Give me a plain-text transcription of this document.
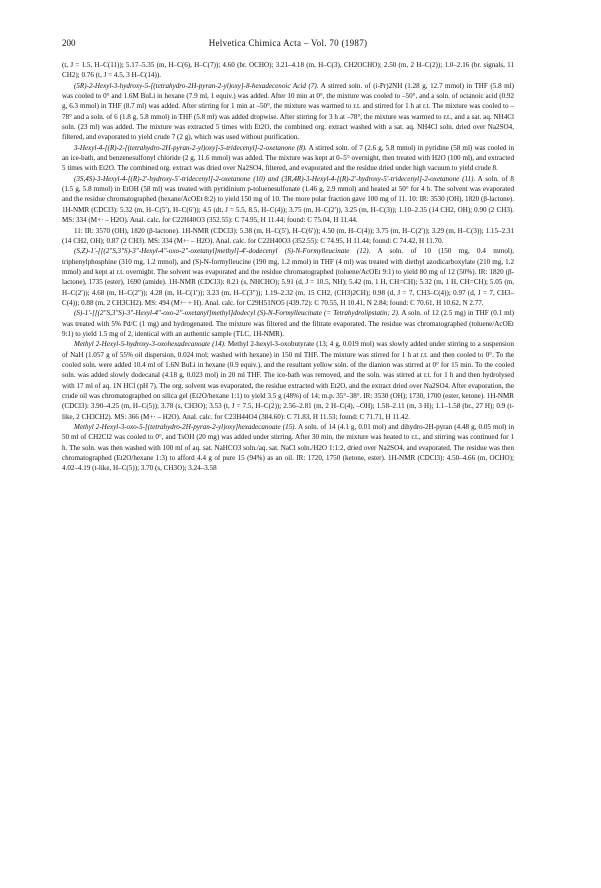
200	Helvetica Chimica Acta – Vol. 70 (1987)

(t, J = 1.5, H–C(11)); 5.17–5.35 (m, H–C(6), H–C(7)); 4.60 (br. OCHO); 3.21–4.18 (m, H–C(3), CH2OCHO); 2.50 (m, 2 H–C(2)); 1.0–2.16 (br. signals, 11 CH2); 0.76 (t, J = 4.5, 3 H–C(14)).

(5R)-2-Hexyl-3-hydroxy-5-[(tetrahydro-2H-pyran-2-yl)oxy]-8-hexadecenoic Acid (7). A stirred soln. of (i-Pr)2NH (1.28 g, 12.7 mmol) in THF (5.8 ml) was cooled to 0° and 1.6M BuLi in hexane (7.9 ml, 1 equiv.) was added. After 10 min at 0°, the mixture was cooled to –50°, and a soln. of octanoic acid (0.92 g, 6.3 mmol) in THF (8.7 ml) was added. After stirring for 1 min at –50°, the mixture was warmed to r.t. and stirred for 1 h at r.t. The mixture was cooled to –78° and a soln. of 6 (1.8 g, 5.8 mmol) in THF (5.8 ml) was added dropwise. After stirring for 3 h at –78°, the mixture was warmed to r.t., and a sat. aq. NH4Cl soln. (23 ml) was added. The mixture was extracted 5 times with Et2O, the combined org. extract washed with a sat. aq. NH4Cl soln. dried over Na2SO4, filtered, and evaporated to yield crude 7 (2 g), which was used without purification.

3-Hexyl-4-[(R)-2-[(tetrahydro-2H-pyran-2-yl)oxy]-5-tridecenyl]-2-oxetanone (8). A stirred soln. of 7 (2.6 g, 5.8 mmol) in pyridine (58 ml) was cooled in an ice-bath, and benzenesulfonyl chloride (2 g, 11.6 mmol) was added. The mixture was kept at 0–5° overnight, then treated with H2O (100 ml), and extracted 5 times with Et2O. The combined org. extract was dried over Na2SO4, filtered, and evaporated and the residue dried under high vacuum to yield crude 8.

(3S,4S)-3-Hexyl-4-[(R)-2′-hydroxy-5′-tridecenyl]-2-oxetanone (10) and (3R,4R)-3-Hexyl-4-[(R)-2′-hydroxy-5′-tridecenyl]-2-oxetanone (11). A soln. of 8 (1.5 g, 5.8 mmol) in EtOH (58 ml) was treated with pyridinium p-toluenesulfonate (1.46 g, 2.9 mmol) and heated at 50° for 4 h. The solvent was evaporated and the residue chromatographed (hexane/AcOEt 8:2) to yield 150 mg of 10. The more polar fraction gave 100 mg of 11. 10: IR: 3530 (OH), 1820 (β-lactone). 1H-NMR (CDCl3): 5.32 (m, H–C(5′), H–C(6′)); 4.5 (dt, J = 5.5, 8.5, H–C(4)); 3.75 (m, H–C(2′)), 3.25 (m, H–C(3)); 1.10–2.35 (14 CH2, OH); 0.90 (2 CH3). MS: 334 (M+· – H2O). Anal. calc. for C22H40O3 (352.55): C 74.95, H 11.44; found: C 75.04, H 11.44.

11: IR: 3570 (OH), 1820 (β-lactone). 1H-NMR (CDCl3): 5.38 (m, H–C(5′), H–C(6′)); 4.50 (m, H–C(4)); 3.75 (m, H–C(2′)); 3.29 (m, H–C(3)); 1.15–2.31 (14 CH2, OH); 0.87 (2 CH3). MS: 334 (M+· – H2O). Anal. calc. for C22H40O3 (352.55): C 74.95, H 11.44; found: C 74.42, H 11.70.

(S,Z)-1′-[[(2″S,3″S)-3″-Hexyl-4″-oxo-2″-oxetanyl]methyl]-4′-dodecenyl (S)-N-Formylleucinate (12). A soln. of 10 (150 mg, 0.4 mmol), triphenylphosphine (310 mg, 1.2 mmol), and (S)-N-formylleucine (190 mg, 1.2 mmol) in THF (4 ml) was treated with diethyl azodicarboxylate (210 mg, 1.2 mmol) and kept at r.t. overnight. The solvent was evaporated and the residue chromatographed (toluene/AcOEt 9:1) to yield 80 mg of 12 (50%). IR: 1820 (β-lactone), 1735 (ester), 1690 (amide). 1H-NMR (CDCl3): 8.21 (s, NHCHO); 5.91 (d, J = 10.5, NH); 5.42 (m, 1 H, CH=CH); 5.32 (m, 1 H, CH=CH); 5.05 (m, H–C(2′)); 4.68 (m, H–C(2″)); 4.28 (m, H–C(1′)); 3.23 (m, H–C(3″)); 1.19–2.32 (m, 15 CH2, (CH3)2CH); 0.98 (d, J = 7, CH3–C(4)); 0.97 (d, J = 7, CH3–C(4)); 0.88 (m, 2 CH3CH2). MS: 494 (M+· + H). Anal. calc. for C29H51NO5 (439.72): C 70.55, H 10.41, N 2.84; found: C 70.61, H 10.62, N 2.77.

(S)-1′-[[(2″S,3″S)-3″-Hexyl-4″-oxo-2″-oxetanyl]methyl]dodecyl (S)-N-Formylleucinate (= Tetrahydrolipstatin; 2). A soln. of 12 (2.5 mg) in THF (0.1 ml) was treated with 5% Pd/C (1 mg) and hydrogenated. The mixture was filtered and the filtrate evaporated. The residue was chromatographed (toluene/AcOEt 9:1) to yield 1.5 mg of 2, identical with an authentic sample (TLC, 1H-NMR).

Methyl 2-Hexyl-5-hydroxy-3-oxohexadecanoate (14). Methyl 2-hexyl-3-oxobutyrate (13; 4 g, 0.019 mol) was slowly added under stirring to a suspension of NaH (1.057 g of 55% oil dispersion, 0.024 mol; washed with hexane) in 150 ml THF. The mixture was stirred for 1 h at r.t. and then cooled to 0°. To the cooled soln. were added 10.4 ml of 1.6N BuLi in hexane (0.9 equiv.), and the resultant yellow soln. of the dianion was stirred at 0° for 15 min. To the cooled soln. was added slowly dodecanal (4.18 g, 0.023 mol) in 20 ml THF. The ice-bath was removed, and the soln. was stirred at r.t. for 1 h and then hydrolysed with 17 ml of aq. 1N HCl (pH 7). The org. solvent was evaporated, the residue extracted with Et2O, and the extract dried over Na2SO4. After evaporation, the crude oil was chromatographed on silica gel (Et2O/hexane 1:1) to yield 3.5 g (48%) of 14; m.p. 35°–38°. IR: 3530 (OH); 1730, 1700 (ester, ketone). 1H-NMR (CDCl3): 3.90–4.25 (m, H–C(5)); 3.78 (s, CH3O); 3.53 (t, J = 7.5, H–C(2)); 2.56–2.81 (m, 2 H–C(4), –OH); 1.58–2.11 (m, 3 H); 1.1–1.58 (br., 27 H); 0.9 (t-like, 2 CH3CH2). MS: 366 (M+· – H2O). Anal. calc. for C23H44O4 (384.60): C 71.83, H 11.53; found: C 71.71, H 11.42.

Methyl 2-Hexyl-3-oxo-5-[(tetrahydro-2H-pyran-2-yl)oxy]hexadecanoate (15). A soln. of 14 (4.1 g, 0.01 mol) and dihydro-2H-pyran (4.48 g, 0.05 mol) in 50 ml of CH2Cl2 was cooled to 0°, and TsOH (20 mg) was added under stirring. After 30 min, the mixture was heated to r.t., and stirring was continued for 1 h. The soln. was then washed with 100 ml of aq. sat. NaHCO3 soln./aq. sat. NaCl soln./H2O 1:1:2, dried over Na2SO4, and evaporated. The residue was then chromatographed (Et2O/hexane 1:3) to afford 4.4 g of pure 15 (94%) as an oil. IR: 1720, 1750 (ketone, ester). 1H-NMR (CDCl3): 4.50–4.66 (m, OCHO); 4.02–4.19 (t-like, H–C(5)); 3.70 (s, CH3O); 3.24–3.58
